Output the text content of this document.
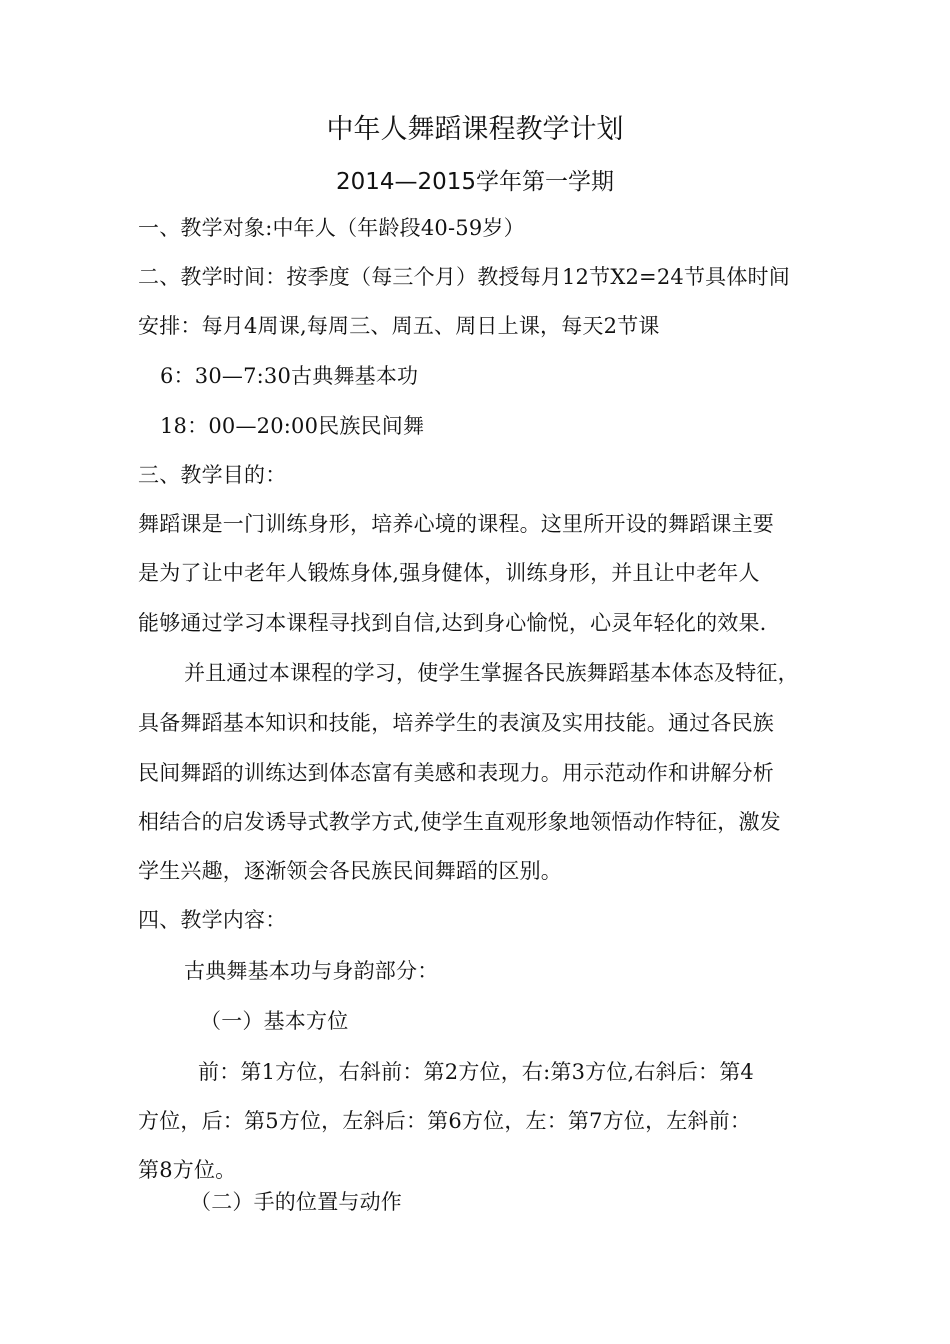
中年人舞蹈课程教学计划
2014—2015学年第一学期
一、教学对象:中年人（年龄段40-59岁）
二、教学时间：按季度（每三个月）教授每月12节X2=24节具体时间
安排：每月4周课,每周三、周五、周日上课，每天2节课
6：30—7:30古典舞基本功
18：00—20:00民族民间舞
三、教学目的：
舞蹈课是一门训练身形，培养心境的课程。这里所开设的舞蹈课主要
是为了让中老年人锻炼身体,强身健体，训练身形，并且让中老年人
能够通过学习本课程寻找到自信,达到身心愉悦，心灵年轻化的效果.
并且通过本课程的学习，使学生掌握各民族舞蹈基本体态及特征，
具备舞蹈基本知识和技能，培养学生的表演及实用技能。通过各民族
民间舞蹈的训练达到体态富有美感和表现力。用示范动作和讲解分析
相结合的启发诱导式教学方式,使学生直观形象地领悟动作特征，激发
学生兴趣，逐渐领会各民族民间舞蹈的区别。
四、教学内容：
古典舞基本功与身韵部分：
（一）基本方位
前：第1方位，右斜前：第2方位，右:第3方位,右斜后：第4
方位，后：第5方位，左斜后：第6方位，左：第7方位，左斜前：
第8方位。
（二）手的位置与动作
